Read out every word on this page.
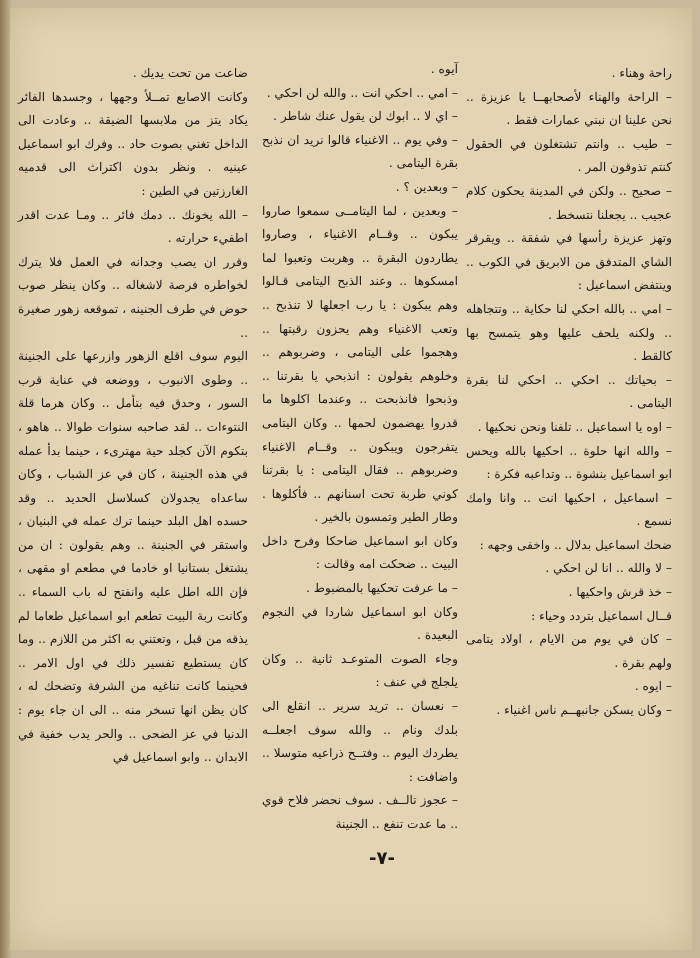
راحة وهناء .

– الراحة والهناء لأصحابهــا يا عزيزة .. نحن علينا ان نبني عمارات فقط .

– طيب .. وانتم تشتغلون في الحقول كنتم تذوقون المر .

– صحيح .. ولكن في المدينة يحكون كلام عجيب .. يجعلنا نتسخط .

وتهز عزيزة رأسها في شفقة .. ويقرقر الشاي المتدفق من الابريق في الكوب .. وينتفض اسماعيل :

– امي .. بالله احكي لنا حكاية .. وتتجاهله .. ولكنه يلحف عليها وهو يتمسح بها كالقط .

– بحياتك .. احكي .. احكي لنا بقرة اليتامى .

– اوه يا اسماعيل .. تلفنا ونحن نحكيها .

– والله انها حلوة .. احكيها بالله ويحس ابو اسماعيل بنشوة .. وتداعبه فكرة :

– اسماعيل ، احكيها انت .. وانا وامك نسمع .

ضحك اسماعيل بدلال .. واخفى وجهه :

– لا والله .. انا لن احكي .

– خذ قرش واحكيها .

قــال اسماعيل بتردد وحياء :

– كان في يوم من الايام ، اولاد يتامى ولهم بقرة .

– ايوه .

– وكان يسكن جانبهــم ناس اغنياء .

آيوه .

– امي .. احكي انت .. والله لن احكي .

– اي لا .. ابوك لن يقول عنك شاطر .

– وفي يوم .. الاغنياء قالوا نريد ان نذبح بقرة اليتامى .

– وبعدين ؟ .

– وبعدين ، لما اليتامــى سمعوا صاروا يبكون .. وقــام الاغنياء ، وصاروا يطاردون البقرة .. وهربت وتعبوا لما امسكوها .. وعند الذبح اليتامى قـالوا وهم يبكون : يا رب اجعلها لا تنذبح .. وتعب الاغنياء وهم يحزون رقبتها .. وهجموا على اليتامى ، وضربوهم .. وخلوهم يقولون : انذبحي يا بقرتنا .. وذبحوا فانذبحت .. وعندما اكلوها ما قدروا يهضمون لحمها .. وكان اليتامى يتفرجون ويبكون .. وقــام الاغنياء وضربوهم .. فقال اليتامى : يا بقرتنا كوني طربة تحت اسنانهم .. فأكلوها . وطار الطير وتمسون بالخير .

وكان ابو اسماعيل ضاحكا وفرح داخل البيت .. ضحكت امه وقالت :

– ما عرفت تحكيها بالمضبوط .

وكان ابو اسماعيل شاردا في النجوم البعيدة .

وجاء الصوت المتوعـد ثانية .. وكان يلجلج في عنف :

– نعسان .. تريد سرير .. انقلع الى بلدك ونام .. والله سوف اجعلــه يطردك اليوم .. وفتــح ذراعيه متوسلا .. واضافت :

– عجوز تالــف . سوف نحضر فلاح قوي .. ما عدت تنفع .. الجنينة

ضاعت من تحت يديك .

وكانت الاصابع تمــلأ وجهها ، وجسدها الفائر يكاد يتز من ملابسها الضيقة .. وعادت الى الداخل تغني بصوت حاد .. وفرك ابو اسماعيل عينيه . ونظر بدون اكتراث الى قدميه الغارزتين في الطين :

– الله يخونك .. دمك فائر .. ومـا عدت اقدر اطفيء حرارته .

وقرر ان يصب وجدانه في العمل فلا يترك لخواطره فرصة لاشغاله .. وكان ينظر صوب حوض في طرف الجنينه ، تموقعه زهور صغيرة ..

اليوم سوف اقلع الزهور وازرعها على الجنينة .. وطوى الانبوب ، ووضعه في عناية قرب السور ، وحدق فيه بتأمل .. وكان هرما قلة النتوءات .. لقد صاحبه سنوات طوالا .. هاهو ، بتكوم الآن كجلد حية مهترىء ، حينما بدأ عمله في هذه الجنينة ، كان في عز الشباب ، وكان ساعداه يجدولان كسلاسل الحديد .. وقد حسده اهل البلد حينما ترك عمله في البنيان ، واستقر في الجنينة .. وهم يقولون : ان من يشتغل بستانيا او خادما في مطعم او مقهى ، فإن الله اطل عليه وانفتح له باب السماء .. وكانت ربة البيت تطعم ابو اسماعيل طعاما لم يذقه من قبل ، وتعتني به اكثر من اللازم .. وما كان يستطيع تفسير ذلك في اول الامر .. فحينما كانت تناغيه من الشرفة وتضحك له ، كان يظن انها تسخر منه .. الى ان جاء يوم : الدنيا في عز الضحى .. والحر يدب خفية في الابدان .. وابو اسماعيل في

-٧-
